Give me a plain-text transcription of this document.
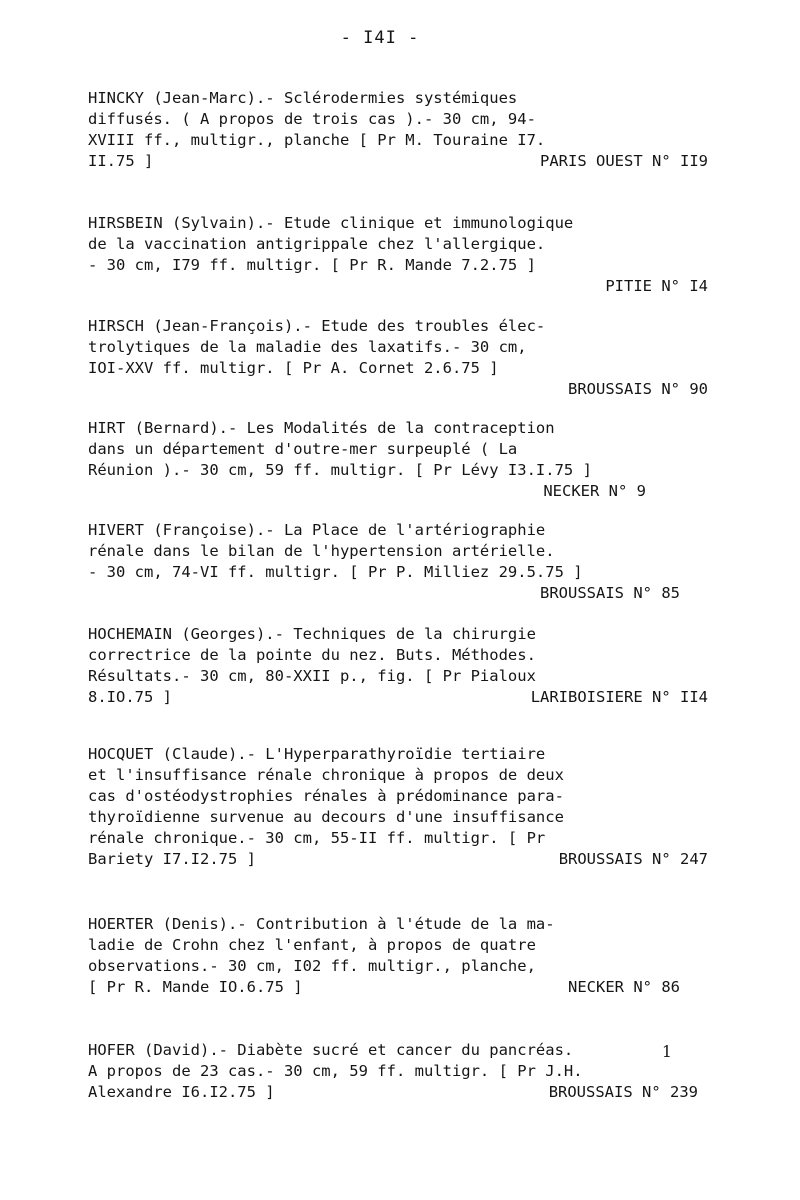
- I4I -
HINCKY (Jean-Marc).- Sclérodermies systémiques
diffusés. ( A propos de trois cas ).- 30 cm, 94-
XVIII ff., multigr., planche [ Pr M. Touraine I7.
II.75 ]	PARIS OUEST N° II9
HIRSBEIN (Sylvain).- Etude clinique et immunologique
de la vaccination antigrippale chez l'allergique.
- 30 cm, I79 ff. multigr. [ Pr R. Mande 7.2.75 ]
PITIE N° I4
HIRSCH (Jean-François).- Etude des troubles élec-
trolytiques de la maladie des laxatifs.- 30 cm,
IOI-XXV ff. multigr. [ Pr A. Cornet 2.6.75 ]
BROUSSAIS N° 90
HIRT (Bernard).- Les Modalités de la contraception
dans un département d'outre-mer surpeuplé ( La
Réunion ).- 30 cm, 59 ff. multigr. [ Pr Lévy I3.I.75 ]
NECKER N° 9
HIVERT (Françoise).- La Place de l'artériographie
rénale dans le bilan de l'hypertension artérielle.
- 30 cm, 74-VI ff. multigr. [ Pr P. Milliez 29.5.75 ]
BROUSSAIS N° 85
HOCHEMAIN (Georges).- Techniques de la chirurgie
correctrice de la pointe du nez. Buts. Méthodes.
Résultats.- 30 cm, 80-XXII p., fig. [ Pr Pialoux
8.IO.75 ]	LARIBOISIERE N° II4
HOCQUET (Claude).- L'Hyperparathyroïdie tertiaire
et l'insuffisance rénale chronique à propos de deux
cas d'ostéodystrophies rénales à prédominance para-
thyroïdienne survenue au decours d'une insuffisance
rénale chronique.- 30 cm, 55-II ff. multigr. [ Pr
Bariety I7.I2.75 ]	BROUSSAIS N° 247
HOERTER (Denis).- Contribution à l'étude de la ma-
ladie de Crohn chez l'enfant, à propos de quatre
observations.- 30 cm, I02 ff. multigr., planche,
[ Pr R. Mande IO.6.75 ]	NECKER N° 86
HOFER (David).- Diabète sucré et cancer du pancréas.
A propos de 23 cas.- 30 cm, 59 ff. multigr. [ Pr J.H.
Alexandre I6.I2.75 ]	BROUSSAIS N° 239
1
